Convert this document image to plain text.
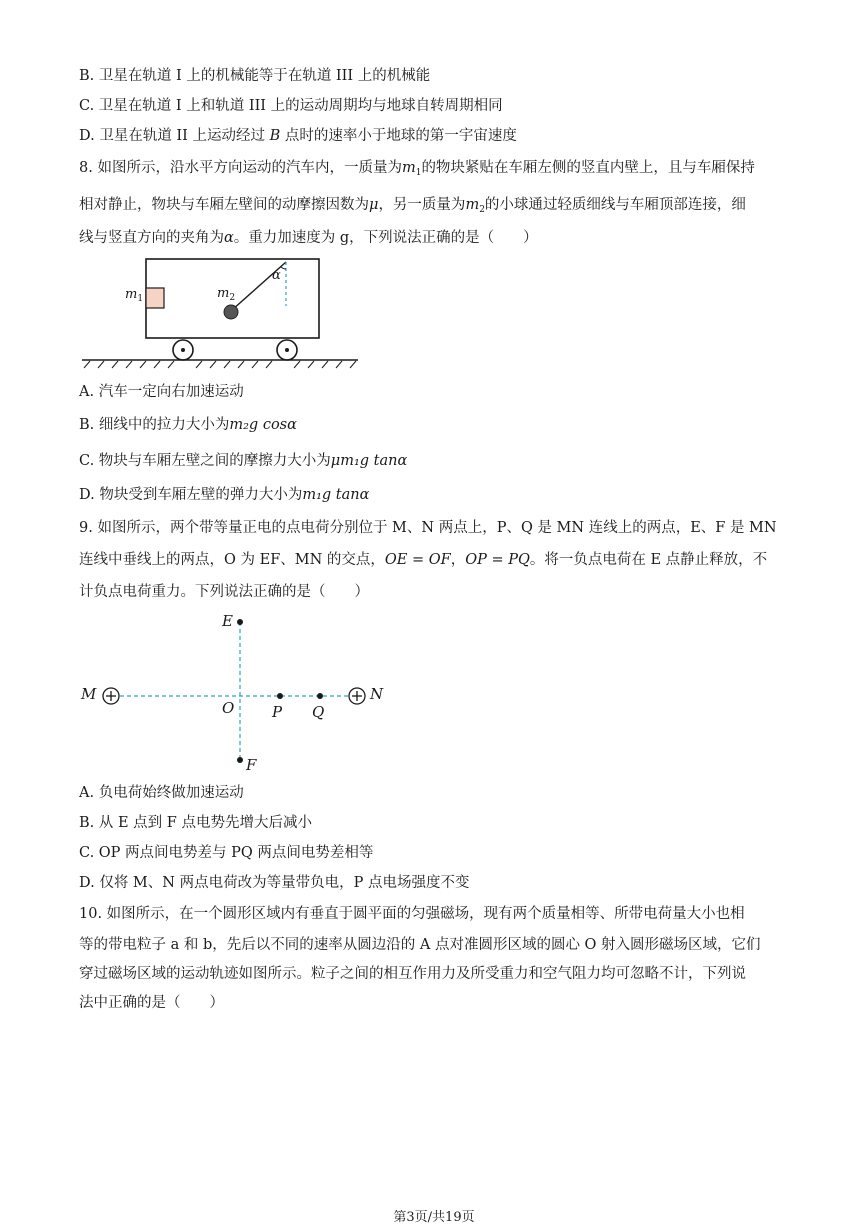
B. 卫星在轨道 I 上的机械能等于在轨道 III 上的机械能
C. 卫星在轨道 I 上和轨道 III 上的运动周期均与地球自转周期相同
D. 卫星在轨道 II 上运动经过 B 点时的速率小于地球的第一宇宙速度
8. 如图所示，沿水平方向运动的汽车内，一质量为$m_1$的物块紧贴在车厢左侧的竖直内壁上，且与车厢保持
相对静止，物块与车厢左壁间的动摩擦因数为μ，另一质量为$m_2$的小球通过轻质细线与车厢顶部连接，细
线与竖直方向的夹角为α。重力加速度为 g，下列说法正确的是（　　）
$m_1$	$m_2$
α
A. 汽车一定向右加速运动
B. 细线中的拉力大小为m₂g cosα
C. 物块与车厢左壁之间的摩擦力大小为μm₁g tanα
D. 物块受到车厢左壁的弹力大小为m₁g tanα
9. 如图所示，两个带等量正电的点电荷分别位于 M、N 两点上，P、Q 是 MN 连线上的两点，E、F 是 MN
连线中垂线上的两点，O 为 EF、MN 的交点，OE = OF，OP = PQ。将一负点电荷在 E 点静止释放，不
计负点电荷重力。下列说法正确的是（　　）
E
F
M	N
O	P Q
A. 负电荷始终做加速运动
B. 从 E 点到 F 点电势先增大后减小
C. OP 两点间电势差与 PQ 两点间电势差相等
D. 仅将 M、N 两点电荷改为等量带负电，P 点电场强度不变
10. 如图所示，在一个圆形区域内有垂直于圆平面的匀强磁场，现有两个质量相等、所带电荷量大小也相
等的带电粒子 a 和 b，先后以不同的速率从圆边沿的 A 点对准圆形区域的圆心 O 射入圆形磁场区域，它们
穿过磁场区域的运动轨迹如图所示。粒子之间的相互作用力及所受重力和空气阻力均可忽略不计，下列说
法中正确的是（　　）
第3页/共19页
